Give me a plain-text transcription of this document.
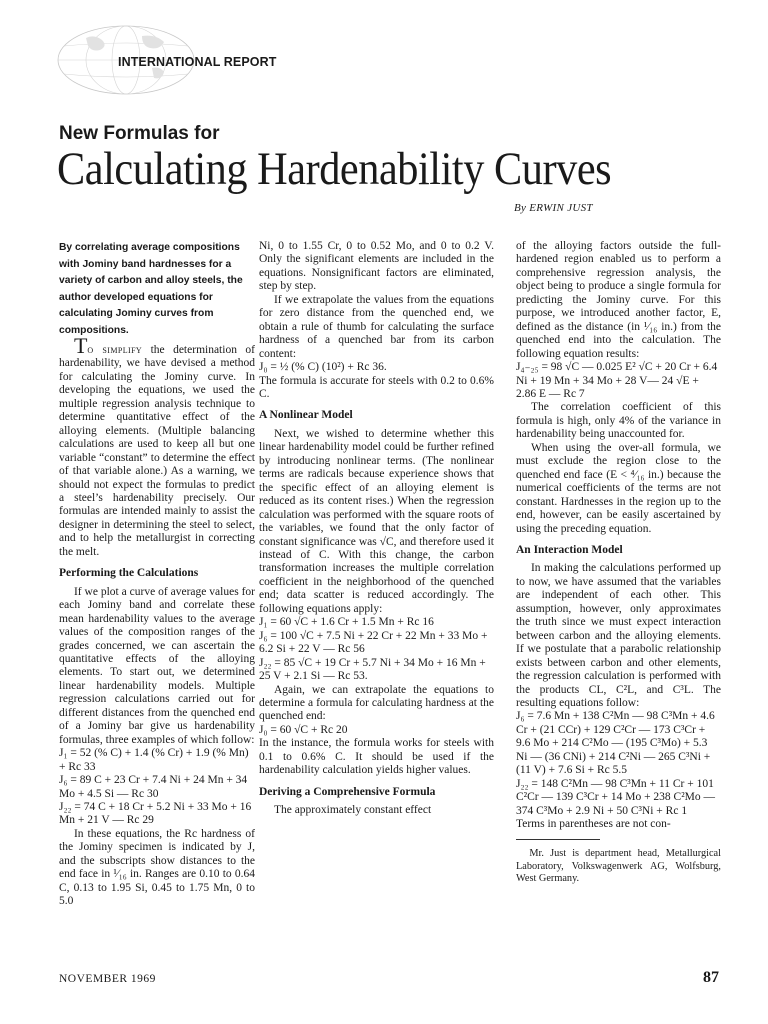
INTERNATIONAL REPORT
New Formulas for
Calculating Hardenability Curves
By ERWIN JUST

By correlating average compositions with Jominy band hardnesses for a variety of carbon and alloy steels, the author developed equations for calculating Jominy curves from compositions.

To simplify the determination of hardenability, we have devised a method for calculating the Jominy curve. In developing the equations, we used the multiple regression analysis technique to determine quantitative effect of the alloying elements. (Multiple balancing calculations are used to keep all but one variable “constant” to determine the effect of that variable alone.) As a warning, we should not expect the formulas to predict a steel’s hardenability precisely. Our formulas are intended mainly to assist the designer in determining the steel to select, and to help the metallurgist in correcting the melt.

Performing the Calculations

If we plot a curve of average values for each Jominy band and correlate these mean hardenability values to the average values of the composition ranges of the grades concerned, we can ascertain the quantitative effects of the alloying elements. To start out, we determined linear hardenability models. Multiple regression calculations carried out for different distances from the quenched end of a Jominy bar give us hardenability formulas, three examples of which follow:

J₁ = 52 (% C) + 1.4 (% Cr) + 1.9 (% Mn) + Rc 33

J₆ = 89 C + 23 Cr + 7.4 Ni + 24 Mn + 34 Mo + 4.5 Si — Rc 30

J₂₂ = 74 C + 18 Cr + 5.2 Ni + 33 Mo + 16 Mn + 21 V — Rc 29

In these equations, the Rc hardness of the Jominy specimen is indicated by J, and the subscripts show distances to the end face in ¹⁄₁₆ in. Ranges are 0.10 to 0.64 C, 0.13 to 1.95 Si, 0.45 to 1.75 Mn, 0 to 5.0

Ni, 0 to 1.55 Cr, 0 to 0.52 Mo, and 0 to 0.2 V. Only the significant elements are included in the equations. Nonsignificant factors are eliminated, step by step.

If we extrapolate the values from the equations for zero distance from the quenched end, we obtain a rule of thumb for calculating the surface hardness of a quenched bar from its carbon content:

J₀ = ½ (% C) (10²) + Rc 36.

The formula is accurate for steels with 0.2 to 0.6% C.

A Nonlinear Model

Next, we wished to determine whether this linear hardenability model could be further refined by introducing nonlinear terms. (The nonlinear terms are radicals because experience shows that the specific effect of an alloying element is reduced as its content rises.) When the regression calculation was performed with the square roots of the variables, we found that the only factor of constant significance was √C, and therefore used it instead of C. With this change, the carbon transformation increases the multiple correlation coefficient in the neighborhood of the quenched end; data scatter is reduced accordingly. The following equations apply:

J₁ = 60 √C + 1.6 Cr + 1.5 Mn + Rc 16

J₆ = 100 √C + 7.5 Ni + 22 Cr + 22 Mn + 33 Mo + 6.2 Si + 22 V — Rc 56

J₂₂ = 85 √C + 19 Cr + 5.7 Ni + 34 Mo + 16 Mn + 25 V + 2.1 Si — Rc 53.

Again, we can extrapolate the equations to determine a formula for calculating hardness at the quenched end:

J₀ = 60 √C + Rc 20

In the instance, the formula works for steels with 0.1 to 0.6% C. It should be used if the hardenability calculation yields higher values.

Deriving a Comprehensive Formula

The approximately constant effect

of the alloying factors outside the full-hardened region enabled us to perform a comprehensive regression analysis, the object being to produce a single formula for predicting the Jominy curve. For this purpose, we introduced another factor, E, defined as the distance (in ¹⁄₁₆ in.) from the quenched end into the calculation. The following equation results:

J₄₋₂₅ = 98 √C — 0.025 E² √C + 20 Cr + 6.4 Ni + 19 Mn + 34 Mo + 28 V— 24 √E + 2.86 E — Rc 7

The correlation coefficient of this formula is high, only 4% of the variance in hardenability being unaccounted for.

When using the over-all formula, we must exclude the region close to the quenched end face (E < ⁴⁄₁₆ in.) because the numerical coefficients of the terms are not constant. Hardnesses in the region up to the end, however, can be easily ascertained by using the preceding equation.

An Interaction Model

In making the calculations performed up to now, we have assumed that the variables are independent of each other. This assumption, however, only approximates the truth since we must expect interaction between carbon and the alloying elements. If we postulate that a parabolic relationship exists between carbon and other elements, the regression calculation is performed with the products CL, C²L, and C³L. The resulting equations follow:

J₆ = 7.6 Mn + 138 C²Mn — 98 C³Mn + 4.6 Cr + (21 CCr) + 129 C²Cr — 173 C³Cr + 9.6 Mo + 214 C²Mo — (195 C³Mo) + 5.3 Ni — (36 CNi) + 214 C²Ni — 265 C³Ni + (11 V) + 7.6 Si + Rc 5.5

J₂₂ = 148 C²Mn — 98 C³Mn + 11 Cr + 101 C²Cr — 139 C³Cr + 14 Mo + 238 C²Mo — 374 C³Mo + 2.9 Ni + 50 C³Ni + Rc 1

Terms in parentheses are not con-

Mr. Just is department head, Metallurgical Laboratory, Volkswagenwerk AG, Wolfsburg, West Germany.

NOVEMBER 1969	87
